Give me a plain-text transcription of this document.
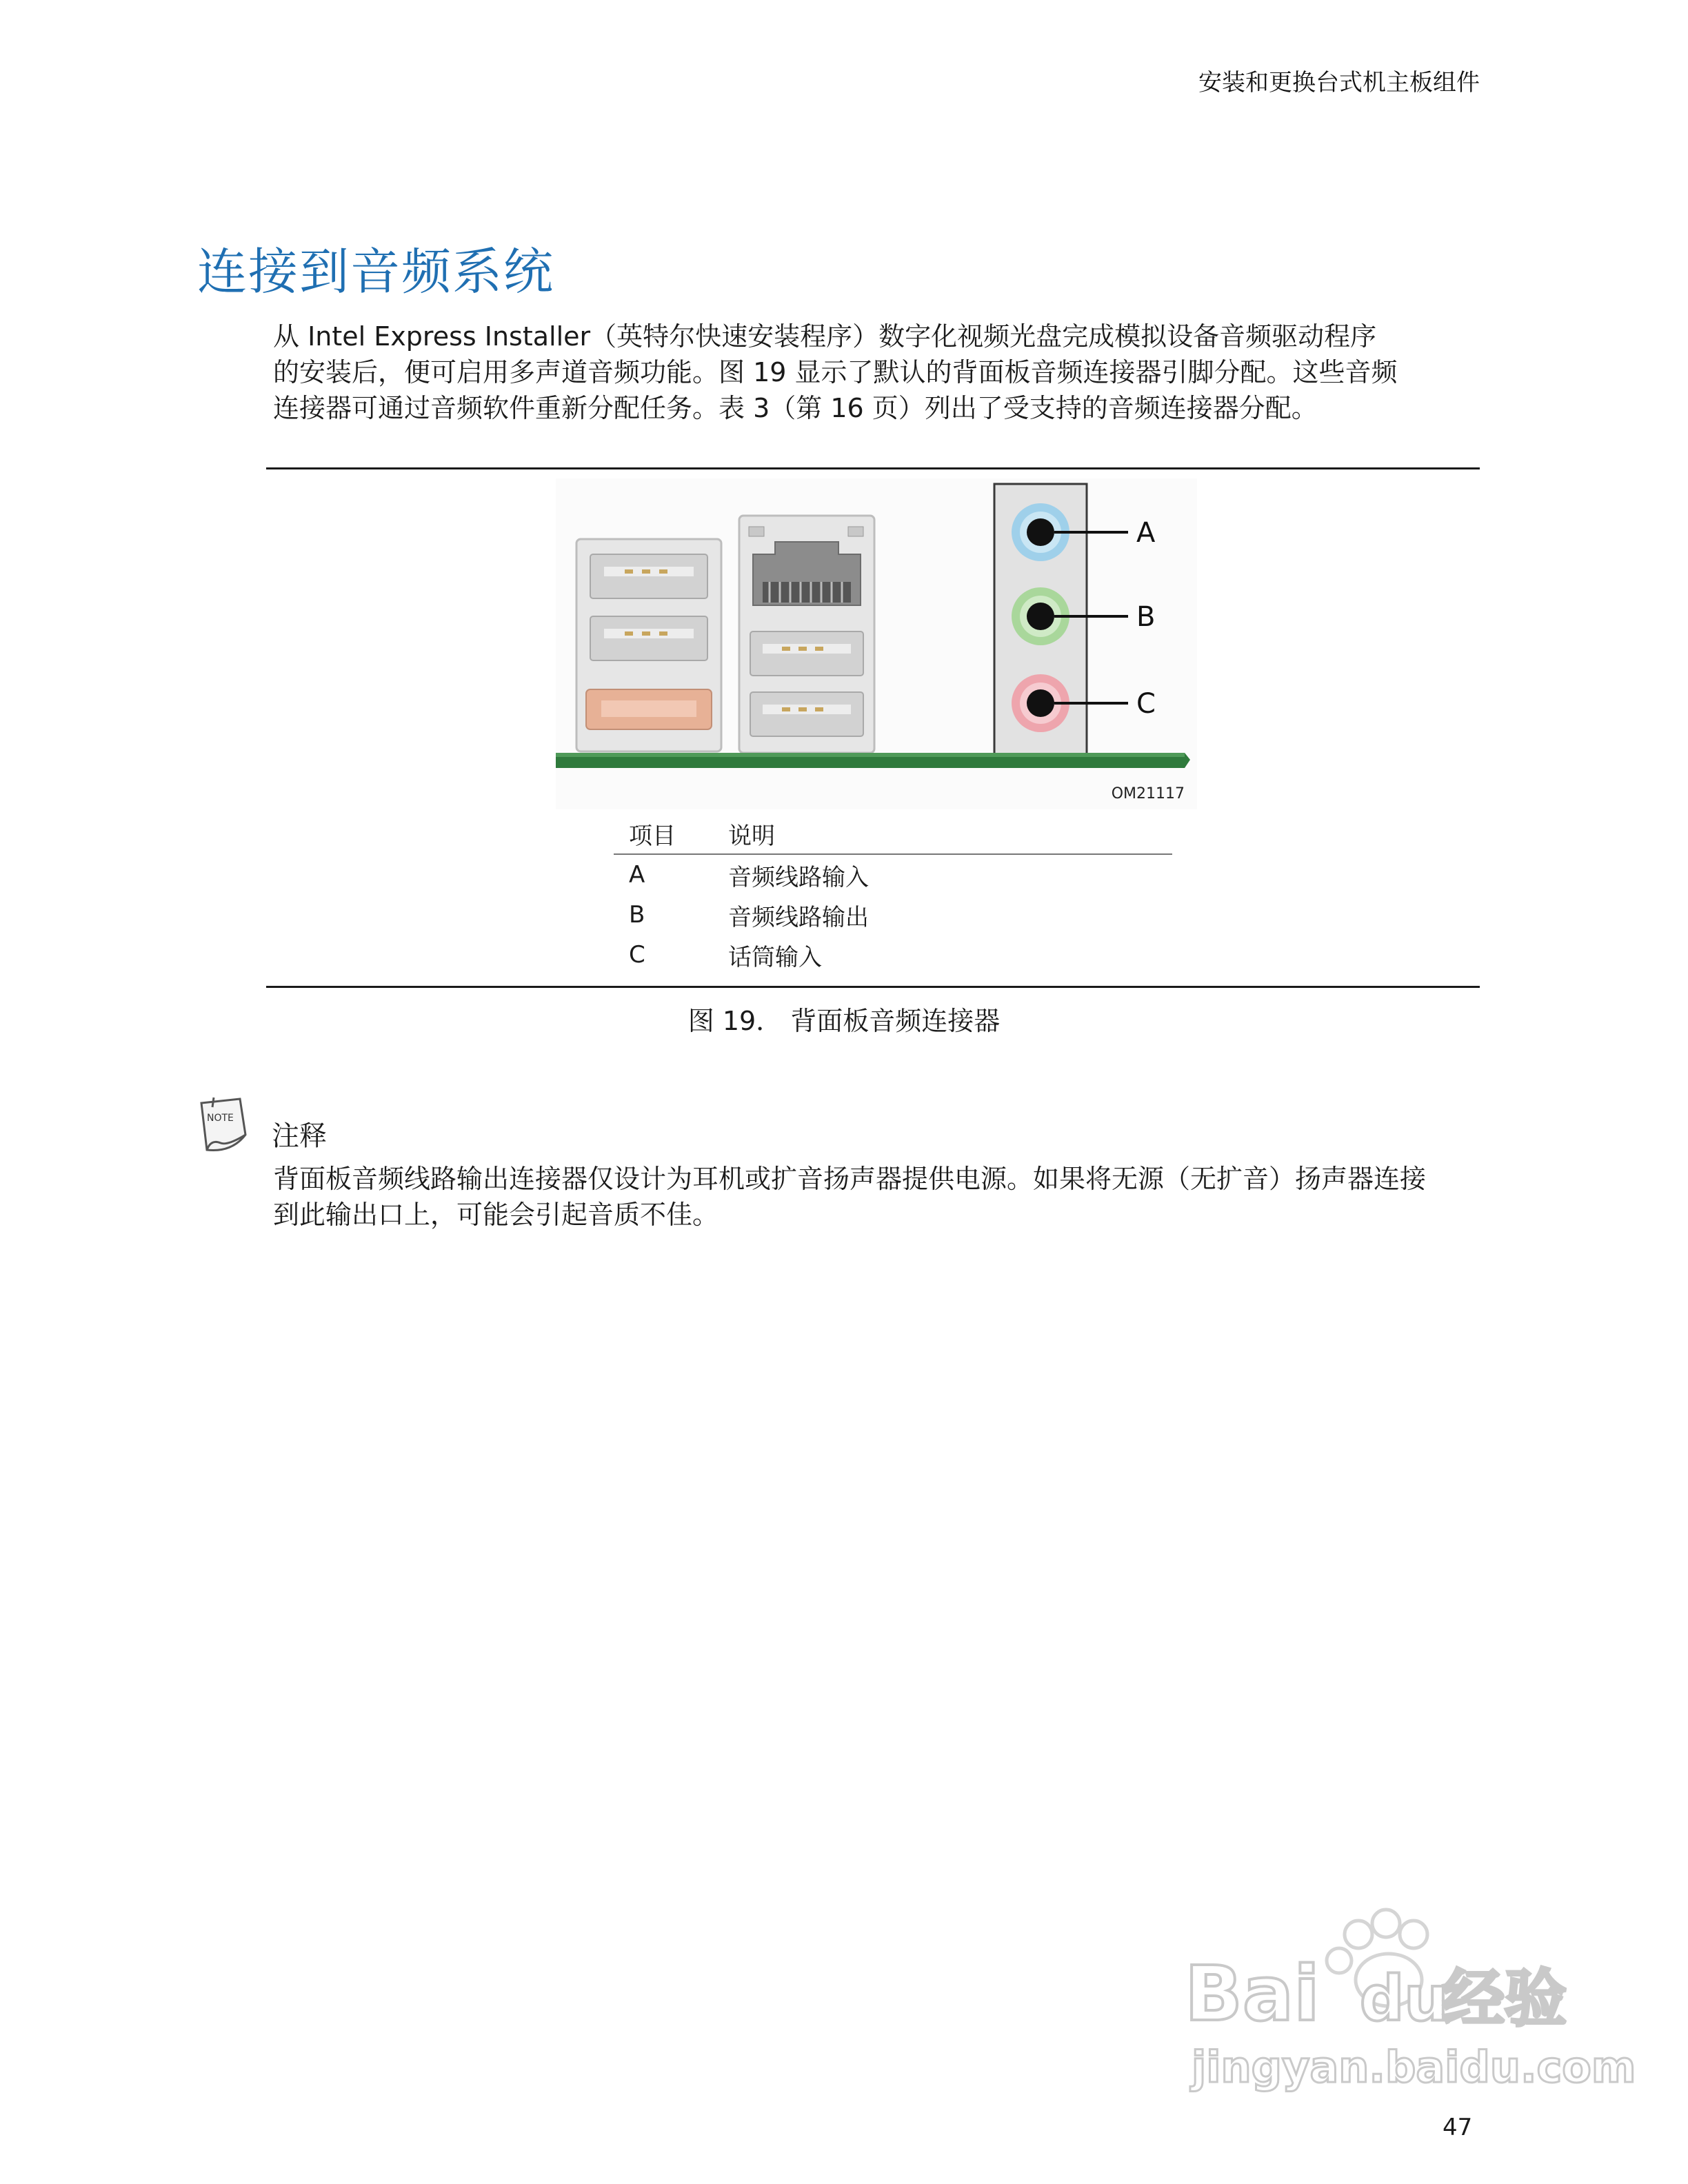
安装和更换台式机主板组件
连接到音频系统

从 Intel Express Installer（英特尔快速安装程序）数字化视频光盘完成模拟设备音频驱动程序

的安装后，便可启用多声道音频功能。图 19 显示了默认的背面板音频连接器引脚分配。这些音频

连接器可通过音频软件重新分配任务。表 3（第 16 页）列出了受支持的音频连接器分配。

A
B
C
OM21117
项目	说明
A	音频线路输入
B	音频线路输出
C	话筒输入
图 19． 背面板音频连接器
NOTE
注释

背面板音频线路输出连接器仅设计为耳机或扩音扬声器提供电源。如果将无源（无扩音）扬声器连接

到此输出口上，可能会引起音质不佳。

Bai du
经验
jingyan.baidu.com
47
